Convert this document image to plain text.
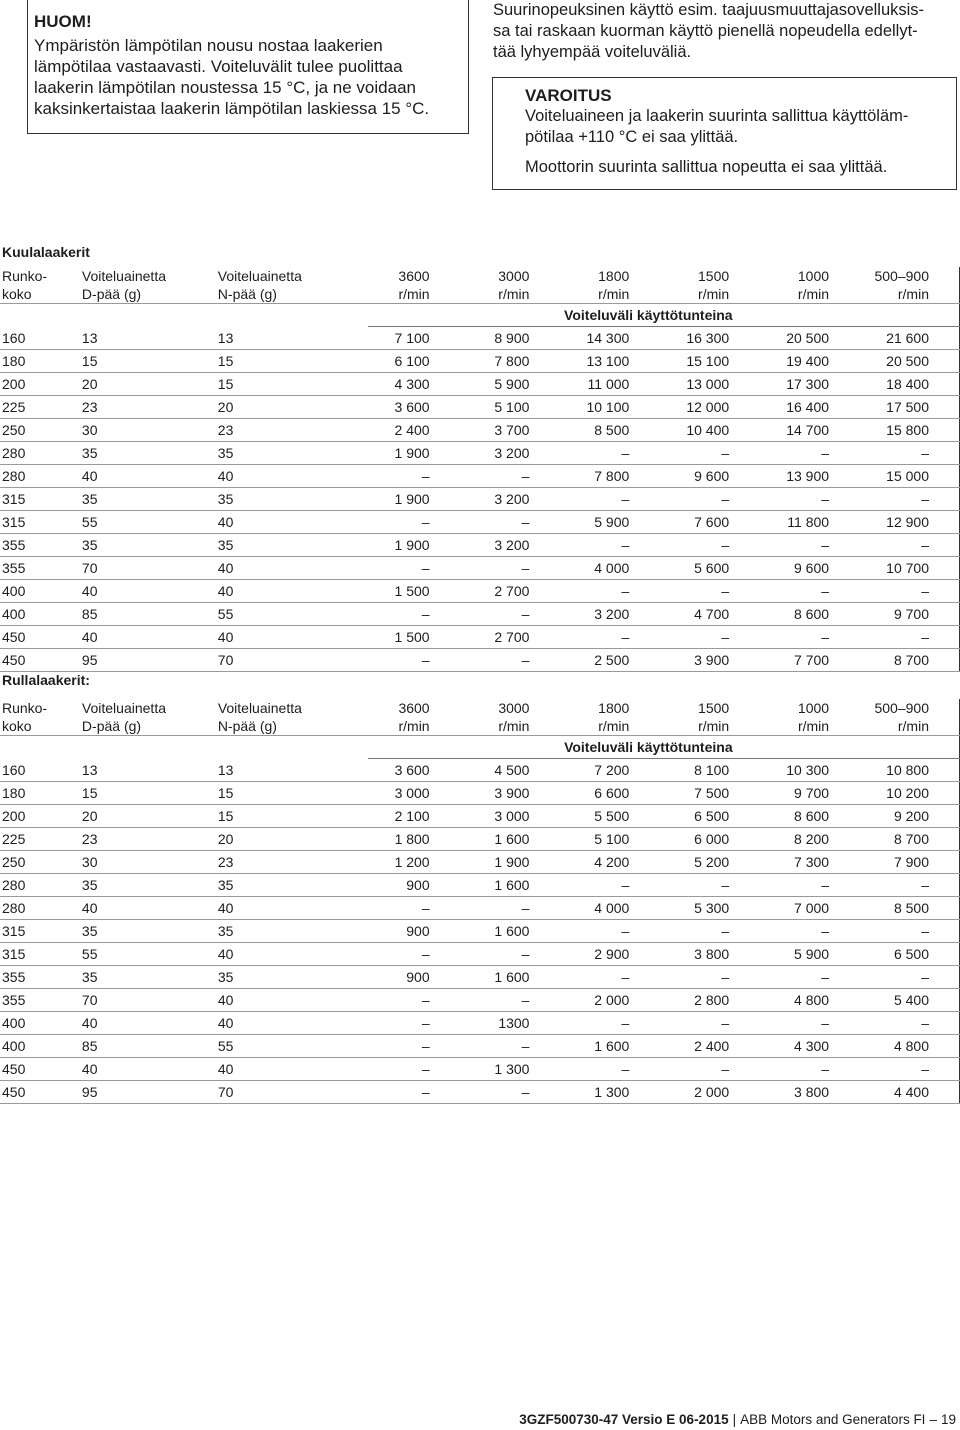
HUOM!
Ympäristön lämpötilan nousu nostaa laakerien
lämpötilaa vastaavasti. Voiteluvälit tulee puolittaa
laakerin lämpötilan noustessa 15 °C, ja ne voidaan
kaksinkertaistaa laakerin lämpötilan laskiessa 15 °C.
Suurinopeuksinen käyttö esim. taajuusmuuttajasovelluksis-
sa tai raskaan kuorman käyttö pienellä nopeudella edellyt-
tää lyhyempää voiteluväliä.
VAROITUS
Voiteluaineen ja laakerin suurinta sallittua käyttöläm-
pötilaa +110 °C ei saa ylittää.
Moottorin suurinta sallittua nopeutta ei saa ylittää.
Kuulalaakerit
Runko-	Voiteluainetta	Voiteluainetta	3600	3000	1800	1500	1000	500–900
koko	D-pää (g)	N-pää (g)	r/min	r/min	r/min	r/min	r/min	r/min
			Voiteluväli käyttötunteina					
160	13	13	7 100	8 900	14 300	16 300	20 500	21 600
180	15	15	6 100	7 800	13 100	15 100	19 400	20 500
200	20	15	4 300	5 900	11 000	13 000	17 300	18 400
225	23	20	3 600	5 100	10 100	12 000	16 400	17 500
250	30	23	2 400	3 700	8 500	10 400	14 700	15 800
280	35	35	1 900	3 200	–	–	–	–
280	40	40	–	–	7 800	9 600	13 900	15 000
315	35	35	1 900	3 200	–	–	–	–
315	55	40	–	–	5 900	7 600	11 800	12 900
355	35	35	1 900	3 200	–	–	–	–
355	70	40	–	–	4 000	5 600	9 600	10 700
400	40	40	1 500	2 700	–	–	–	–
400	85	55	–	–	3 200	4 700	8 600	9 700
450	40	40	1 500	2 700	–	–	–	–
450	95	70	–	–	2 500	3 900	7 700	8 700
Rullalaakerit:
Runko-	Voiteluainetta	Voiteluainetta	3600	3000	1800	1500	1000	500–900
koko	D-pää (g)	N-pää (g)	r/min	r/min	r/min	r/min	r/min	r/min
			Voiteluväli käyttötunteina					
160	13	13	3 600	4 500	7 200	8 100	10 300	10 800
180	15	15	3 000	3 900	6 600	7 500	9 700	10 200
200	20	15	2 100	3 000	5 500	6 500	8 600	9 200
225	23	20	1 800	1 600	5 100	6 000	8 200	8 700
250	30	23	1 200	1 900	4 200	5 200	7 300	7 900
280	35	35	900	1 600	–	–	–	–
280	40	40	–	–	4 000	5 300	7 000	8 500
315	35	35	900	1 600	–	–	–	–
315	55	40	–	–	2 900	3 800	5 900	6 500
355	35	35	900	1 600	–	–	–	–
355	70	40	–	–	2 000	2 800	4 800	5 400
400	40	40	–	1300	–	–	–	–
400	85	55	–	–	1 600	2 400	4 300	4 800
450	40	40	–	1 300	–	–	–	–
450	95	70	–	–	1 300	2 000	3 800	4 400
3GZF500730-47 Versio E 06-2015 | ABB Motors and Generators FI – 19
